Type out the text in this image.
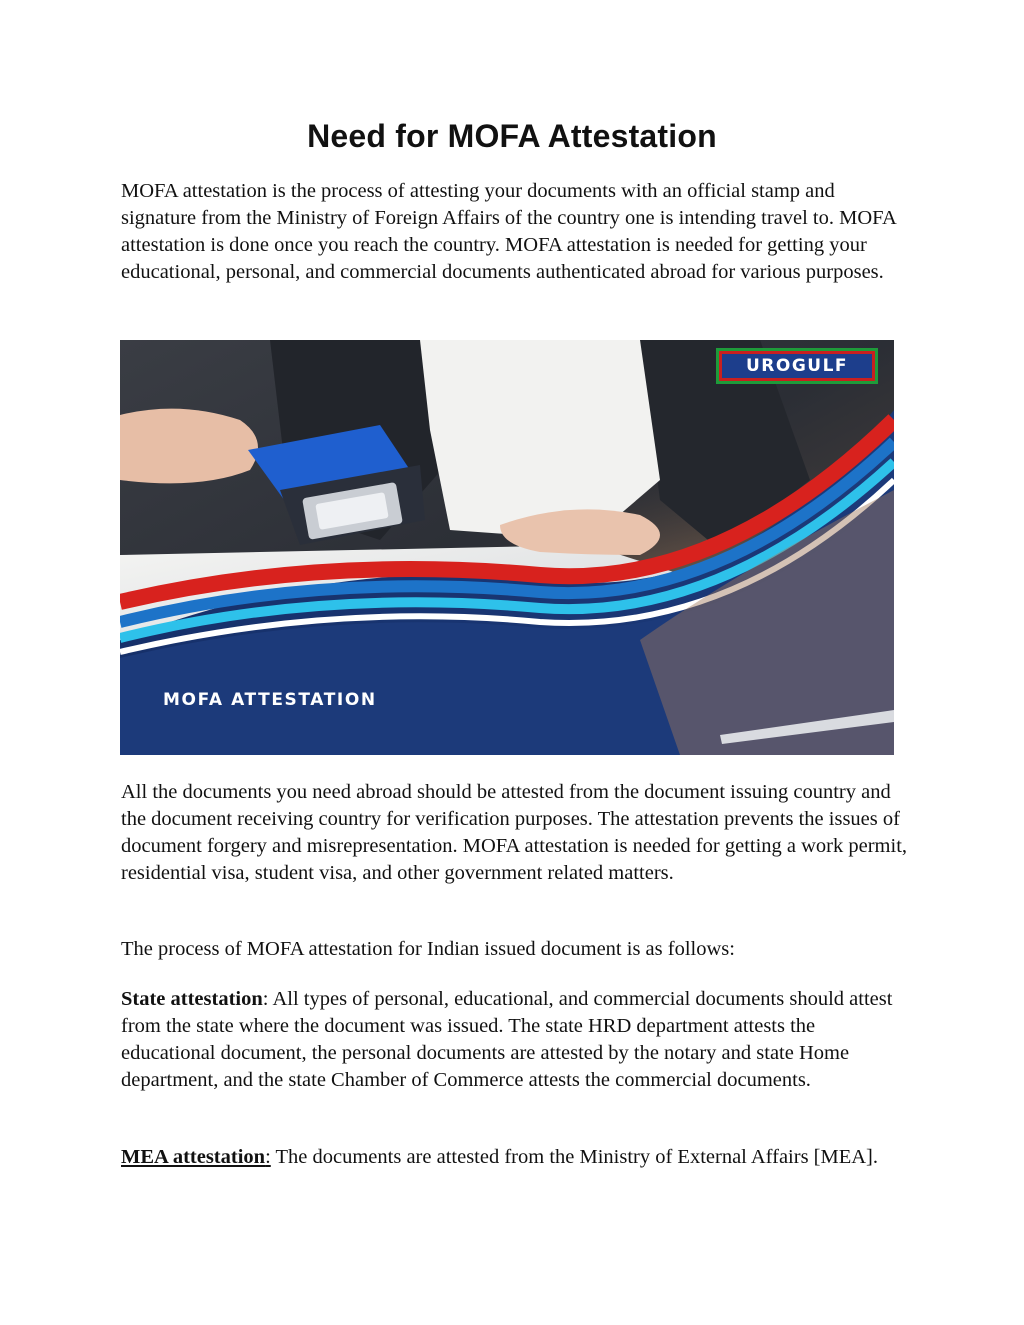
Need for MOFA Attestation

MOFA attestation is the process of attesting your documents with an official stamp and signature from the Ministry of Foreign Affairs of the country one is intending travel to. MOFA attestation is done once you reach the country. MOFA attestation is needed for getting your educational, personal, and commercial documents authenticated abroad for various purposes.

UROGULF
MOFA ATTESTATION

All the documents you need abroad should be attested from the document issuing country and the document receiving country for verification purposes. The attestation prevents the issues of document forgery and misrepresentation. MOFA attestation is needed for getting a work permit, residential visa, student visa, and other government related matters.

The process of MOFA attestation for Indian issued document is as follows:

State attestation: All types of personal, educational, and commercial documents should attest from the state where the document was issued. The state HRD department attests the educational document, the personal documents are attested by the notary and state Home department, and the state Chamber of Commerce attests the commercial documents.

MEA attestation: The documents are attested from the Ministry of External Affairs [MEA].
